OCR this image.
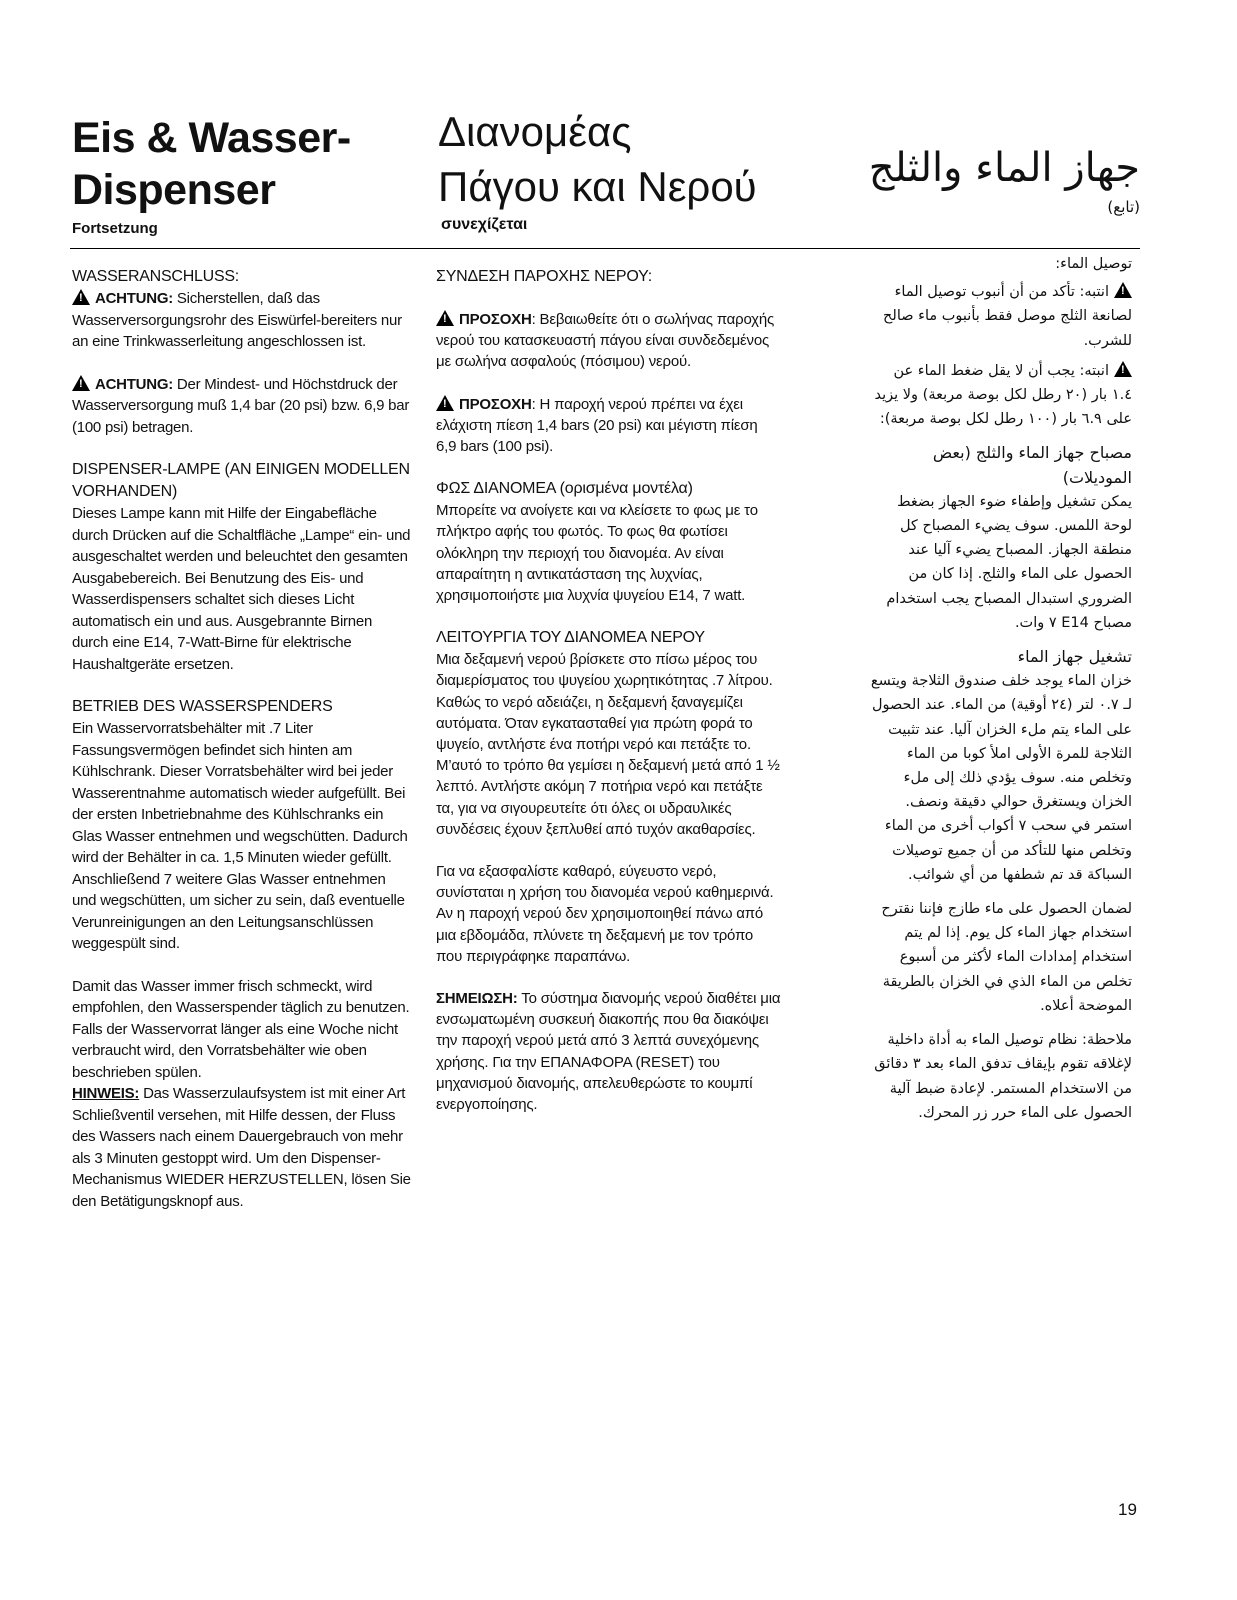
Eis & Wasser-
Dispenser
Fortsetzung
Διανομέας
Πάγου και Νερού
συνεχίζεται
جهاز الماء والثلج
(تابع)
WASSERANSCHLUSS:
!ACHTUNG: Sicherstellen, daß das Wasserversorgungsrohr des Eiswürfel-bereiters nur an eine Trinkwasserleitung angeschlossen ist.
!ACHTUNG: Der Mindest- und Höchstdruck der Wasserversorgung muß 1,4 bar (20 psi) bzw. 6,9 bar (100 psi) betragen.
DISPENSER-LAMPE (AN EINIGEN MODELLEN VORHANDEN)
Dieses Lampe kann mit Hilfe der Eingabefläche durch Drücken auf die Schaltfläche „Lampe“ ein- und ausgeschaltet werden und beleuchtet den gesamten Ausgabebereich. Bei Benutzung des Eis- und Wasserdispensers schaltet sich dieses Licht automatisch ein und aus. Ausgebrannte Birnen durch eine E14, 7-Watt-Birne für elektrische Haushaltgeräte ersetzen.
BETRIEB DES WASSERSPENDERS
Ein Wasservorratsbehälter mit .7 Liter Fassungsvermögen befindet sich hinten am Kühlschrank. Dieser Vorratsbehälter wird bei jeder Wasserentnahme automatisch wieder aufgefüllt. Bei der ersten Inbetriebnahme des Kühlschranks ein Glas Wasser entnehmen und wegschütten. Dadurch wird der Behälter in ca. 1,5 Minuten wieder gefüllt. Anschließend 7 weitere Glas Wasser entnehmen und wegschütten, um sicher zu sein, daß eventuelle Verunreinigungen an den Leitungsanschlüssen weggespült sind.
Damit das Wasser immer frisch schmeckt, wird empfohlen, den Wasserspender täglich zu benutzen. Falls der Wasservorrat länger als eine Woche nicht verbraucht wird, den Vorratsbehälter wie oben beschrieben spülen.
HINWEIS: Das Wasserzulaufsystem ist mit einer Art Schließventil versehen, mit Hilfe dessen, der Fluss des Wassers nach einem Dauergebrauch von mehr als 3 Minuten gestoppt wird. Um den Dispenser-Mechanismus WIEDER HERZUSTELLEN, lösen Sie den Betätigungsknopf aus.
ΣΥΝΔΕΣΗ ΠΑΡΟΧΗΣ ΝΕΡΟΥ:
!ΠΡΟΣΟΧΗ: Βεβαιωθείτε ότι ο σωλήνας παροχής νερού του κατασκευαστή πάγου είναι συνδεδεμένος με σωλήνα ασφαλούς (πόσιμου) νερού.
!ΠΡΟΣΟΧΗ: Η παροχή νερού πρέπει να έχει ελάχιστη πίεση 1,4 bars (20 psi) και μέγιστη πίεση 6,9 bars (100 psi).
ΦΩΣ ΔΙΑΝΟΜΕΑ (ορισμένα μοντέλα)
Μπορείτε να ανοίγετε και να κλείσετε το φως με το πλήκτρο αφής του φωτός. Το φως θα φωτίσει ολόκληρη την περιοχή του διανομέα. Αν είναι απαραίτητη η αντικατάσταση της λυχνίας, χρησιμοποιήστε μια λυχνία ψυγείου E14, 7 watt.
ΛΕΙΤΟΥΡΓΙΑ ΤΟΥ ΔΙΑΝΟΜΕΑ ΝΕΡΟΥ
Μια δεξαμενή νερού βρίσκετε στο πίσω μέρος του διαμερίσματος του ψυγείου χωρητικότητας .7 λίτρου. Καθώς το νερό αδειάζει, η δεξαμενή ξαναγεμίζει αυτόματα. Όταν εγκατασταθεί για πρώτη φορά το ψυγείο, αντλήστε ένα ποτήρι νερό και πετάξτε το. Μ’αυτό το τρόπο θα γεμίσει η δεξαμενή μετά από 1 ½ λεπτό. Αντλήστε ακόμη 7 ποτήρια νερό και πετάξτε τα, για να σιγουρευτείτε ότι όλες οι υδραυλικές συνδέσεις έχουν ξεπλυθεί από τυχόν ακαθαρσίες.
Για να εξασφαλίστε καθαρό, εύγευστο νερό, συνίσταται η χρήση του διανομέα νερού καθημερινά. Αν η παροχή νερού δεν χρησιμοποιηθεί πάνω από μια εβδομάδα, πλύνετε τη δεξαμενή με τον τρόπο που περιγράφηκε παραπάνω.
ΣΗΜΕΙΩΣΗ: Το σύστημα διανομής νερού διαθέτει μια ενσωματωμένη συσκευή διακοπής που θα διακόψει την παροχή νερού μετά από 3 λεπτά συνεχόμενης χρήσης. Για την ΕΠΑΝΑΦΟΡΑ (RESET) του μηχανισμού διανομής, απελευθερώστε το κουμπί ενεργοποίησης.
توصيل الماء:
!انتبه: تأكد من أن أنبوب توصيل الماء لصانعة الثلج موصل فقط بأنبوب ماء صالح للشرب.
!انبته: يجب أن لا يقل ضغط الماء عن ١.٤ بار (٢٠ رطل لكل بوصة مربعة) ولا يزيد على ٦.٩ بار (١٠٠ رطل لكل بوصة مربعة):
مصباح جهاز الماء والثلج (بعض الموديلات)
يمكن تشغيل وإطفاء ضوء الجهاز بضغط لوحة اللمس. سوف يضيء المصباح كل منطقة الجهاز. المصباح يضيء آليا عند الحصول على الماء والثلج. إذا كان من الضروري استبدال المصباح يجب استخدام مصباح E14 ٧ وات.
تشغيل جهاز الماء
خزان الماء يوجد خلف صندوق الثلاجة ويتسع لـ ٠.٧ لتر (٢٤ أوقية) من الماء. عند الحصول على الماء يتم ملء الخزان آليا. عند تثبيت الثلاجة للمرة الأولى املأ كوبا من الماء وتخلص منه. سوف يؤدي ذلك إلى ملء الخزان ويستغرق حوالي دقيقة ونصف. استمر في سحب ٧ أكواب أخرى من الماء وتخلص منها للتأكد من أن جميع توصيلات السباكة قد تم شطفها من أي شوائب.
لضمان الحصول على ماء طازج فإننا نقترح استخدام جهاز الماء كل يوم. إذا لم يتم استخدام إمدادات الماء لأكثر من أسبوع تخلص من الماء الذي في الخزان بالطريقة الموضحة أعلاه.
ملاحظة: نظام توصيل الماء به أداة داخلية لإغلاقه تقوم بإيقاف تدفق الماء بعد ٣ دقائق من الاستخدام المستمر. لإعادة ضبط آلية الحصول على الماء حرر زر المحرك.
19
